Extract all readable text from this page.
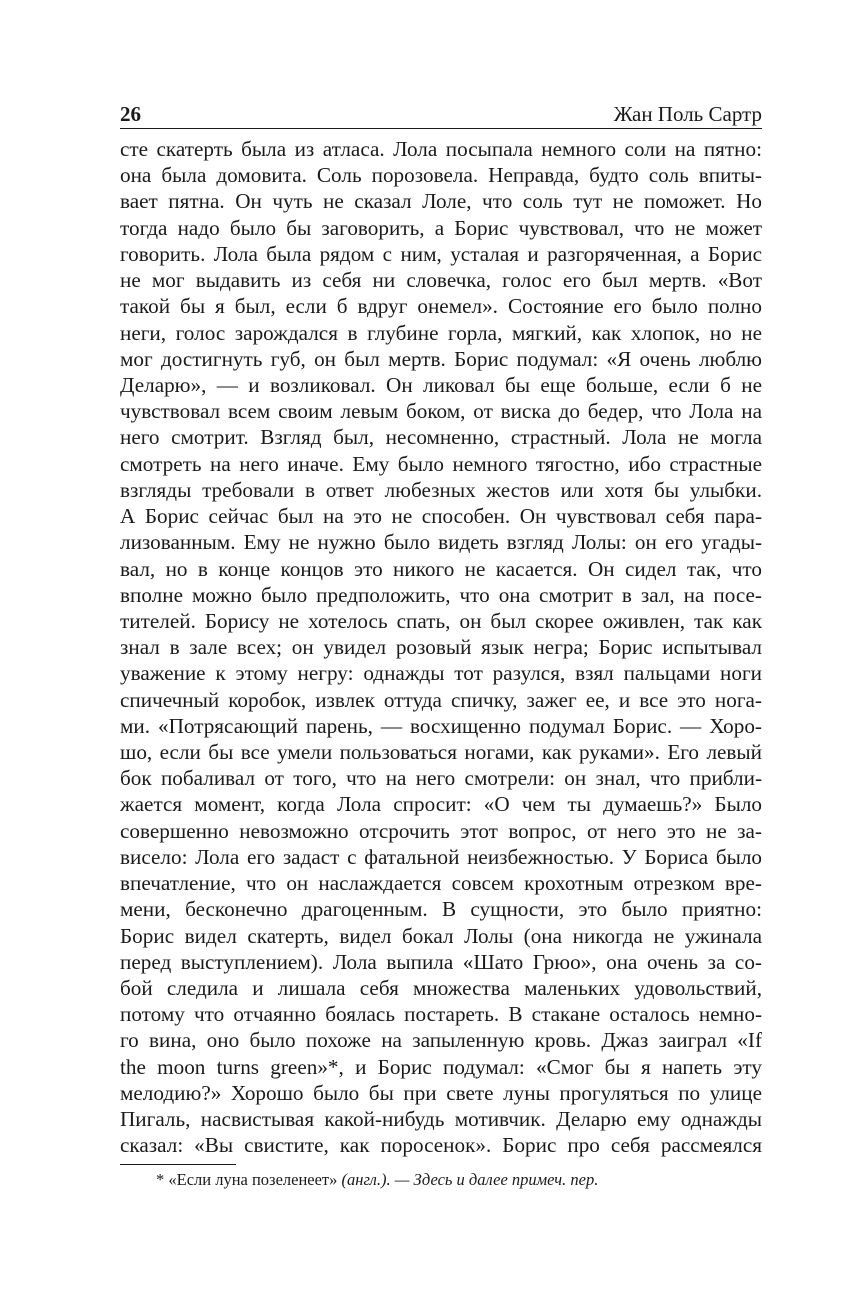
26	Жан Поль Сартр
сте скатерть была из атласа. Лола посыпала немного соли на пятно:
она была домовита. Соль порозовела. Неправда, будто соль впиты-
вает пятна. Он чуть не сказал Лоле, что соль тут не поможет. Но
тогда надо было бы заговорить, а Борис чувствовал, что не может
говорить. Лола была рядом с ним, усталая и разгоряченная, а Борис
не мог выдавить из себя ни словечка, голос его был мертв. «Вот
такой бы я был, если б вдруг онемел». Состояние его было полно
неги, голос зарождался в глубине горла, мягкий, как хлопок, но не
мог достигнуть губ, он был мертв. Борис подумал: «Я очень люблю
Деларю», — и возликовал. Он ликовал бы еще больше, если б не
чувствовал всем своим левым боком, от виска до бедер, что Лола на
него смотрит. Взгляд был, несомненно, страстный. Лола не могла
смотреть на него иначе. Ему было немного тягостно, ибо страстные
взгляды требовали в ответ любезных жестов или хотя бы улыбки.
А Борис сейчас был на это не способен. Он чувствовал себя пара-
лизованным. Ему не нужно было видеть взгляд Лолы: он его угады-
вал, но в конце концов это никого не касается. Он сидел так, что
вполне можно было предположить, что она смотрит в зал, на посе-
тителей. Борису не хотелось спать, он был скорее оживлен, так как
знал в зале всех; он увидел розовый язык негра; Борис испытывал
уважение к этому негру: однажды тот разулся, взял пальцами ноги
спичечный коробок, извлек оттуда спичку, зажег ее, и все это нога-
ми. «Потрясающий парень, — восхищенно подумал Борис. — Хоро-
шо, если бы все умели пользоваться ногами, как руками». Его левый
бок побаливал от того, что на него смотрели: он знал, что прибли-
жается момент, когда Лола спросит: «О чем ты думаешь?» Было
совершенно невозможно отсрочить этот вопрос, от него это не за-
висело: Лола его задаст с фатальной неизбежностью. У Бориса было
впечатление, что он наслаждается совсем крохотным отрезком вре-
мени, бесконечно драгоценным. В сущности, это было приятно:
Борис видел скатерть, видел бокал Лолы (она никогда не ужинала
перед выступлением). Лола выпила «Шато Грюо», она очень за со-
бой следила и лишала себя множества маленьких удовольствий,
потому что отчаянно боялась постареть. В стакане осталось немно-
го вина, оно было похоже на запыленную кровь. Джаз заиграл «If
the moon turns green»*, и Борис подумал: «Смог бы я напеть эту
мелодию?» Хорошо было бы при свете луны прогуляться по улице
Пигаль, насвистывая какой-нибудь мотивчик. Деларю ему однажды
сказал: «Вы свистите, как поросенок». Борис про себя рассмеялся
* «Если луна позеленеет» (англ.). — Здесь и далее примеч. пер.
